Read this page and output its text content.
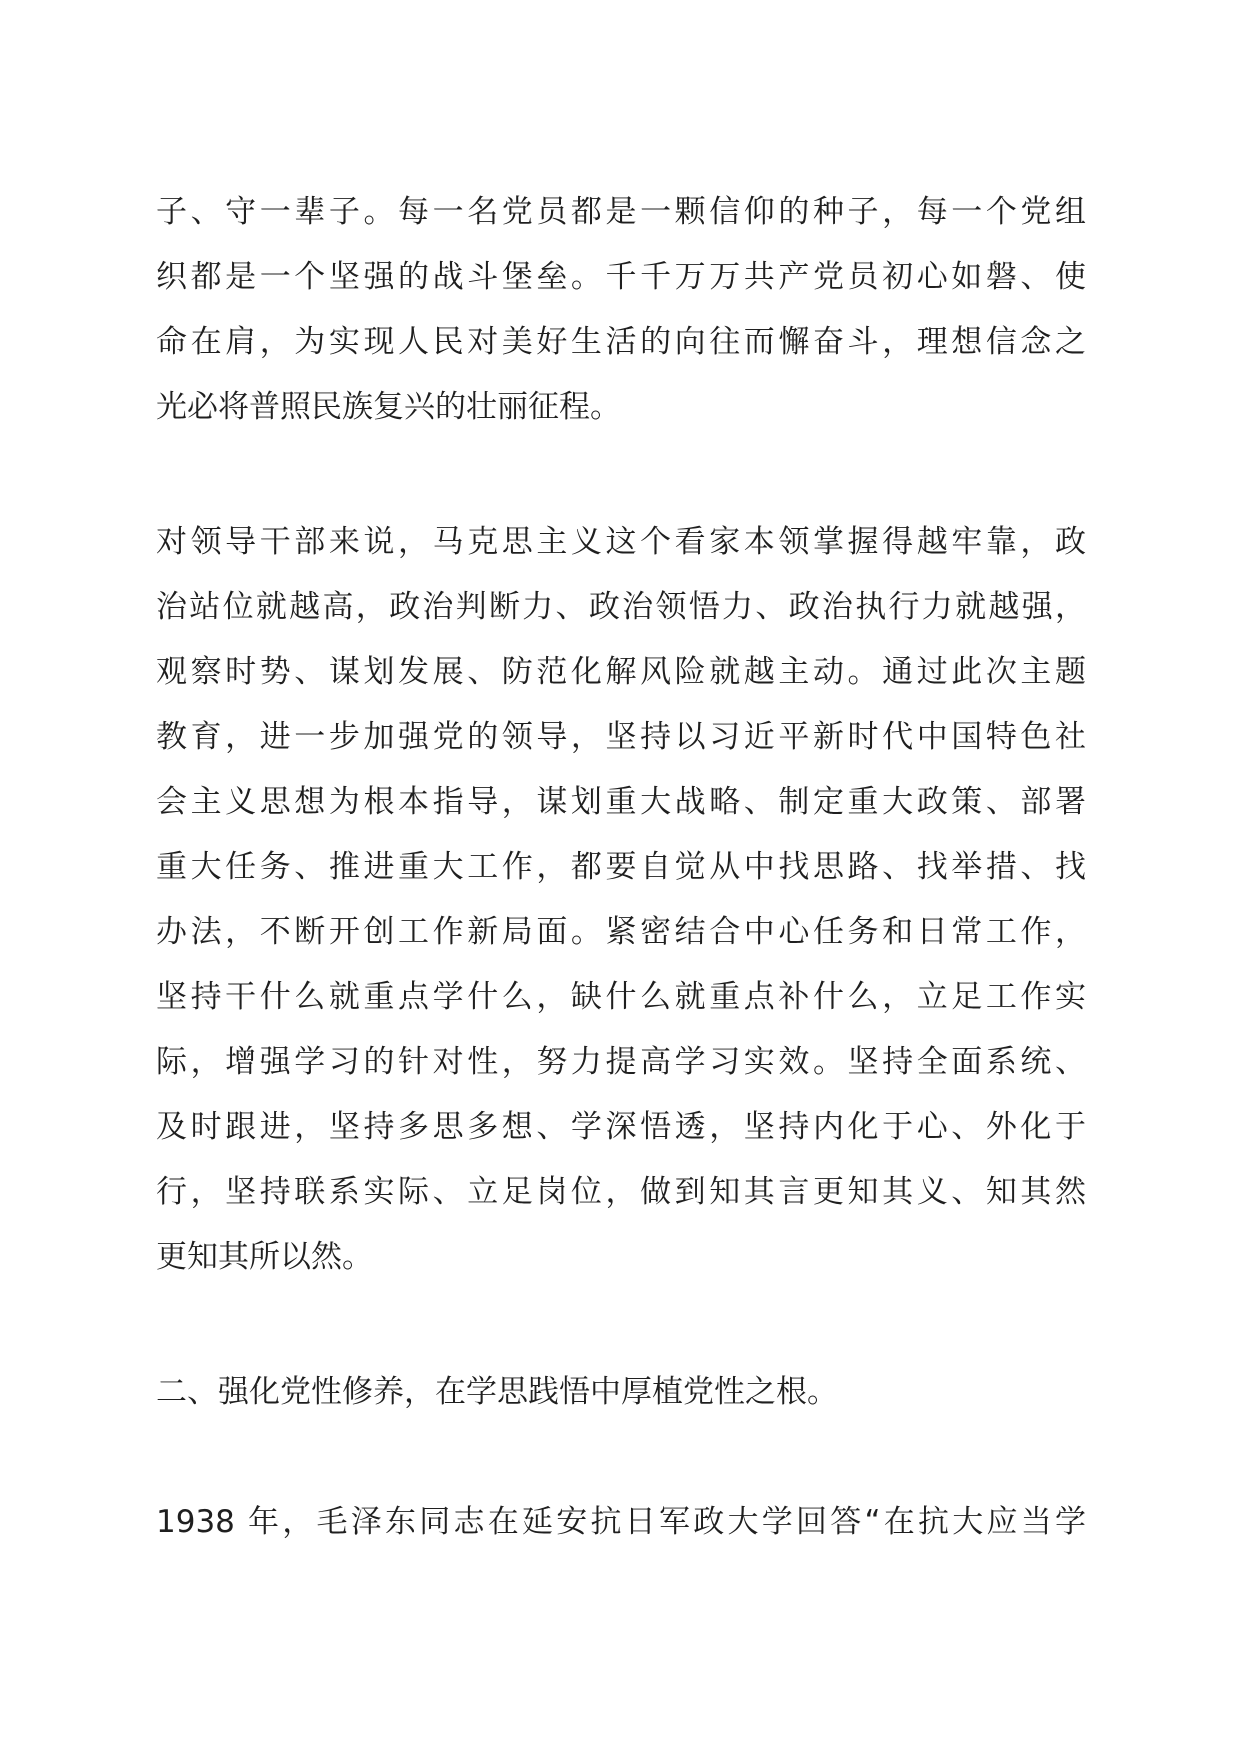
子、守一辈子。每一名党员都是一颗信仰的种子，每一个党组
织都是一个坚强的战斗堡垒。千千万万共产党员初心如磐、使
命在肩，为实现人民对美好生活的向往而懈奋斗，理想信念之
光必将普照民族复兴的壮丽征程。

对领导干部来说，马克思主义这个看家本领掌握得越牢靠，政
治站位就越高，政治判断力、政治领悟力、政治执行力就越强，
观察时势、谋划发展、防范化解风险就越主动。通过此次主题
教育，进一步加强党的领导，坚持以习近平新时代中国特色社
会主义思想为根本指导，谋划重大战略、制定重大政策、部署
重大任务、推进重大工作，都要自觉从中找思路、找举措、找
办法，不断开创工作新局面。紧密结合中心任务和日常工作，
坚持干什么就重点学什么，缺什么就重点补什么，立足工作实
际，增强学习的针对性，努力提高学习实效。坚持全面系统、
及时跟进，坚持多思多想、学深悟透，坚持内化于心、外化于
行，坚持联系实际、立足岗位，做到知其言更知其义、知其然
更知其所以然。

二、强化党性修养，在学思践悟中厚植党性之根。

1938 年，毛泽东同志在延安抗日军政大学回答“在抗大应当学
